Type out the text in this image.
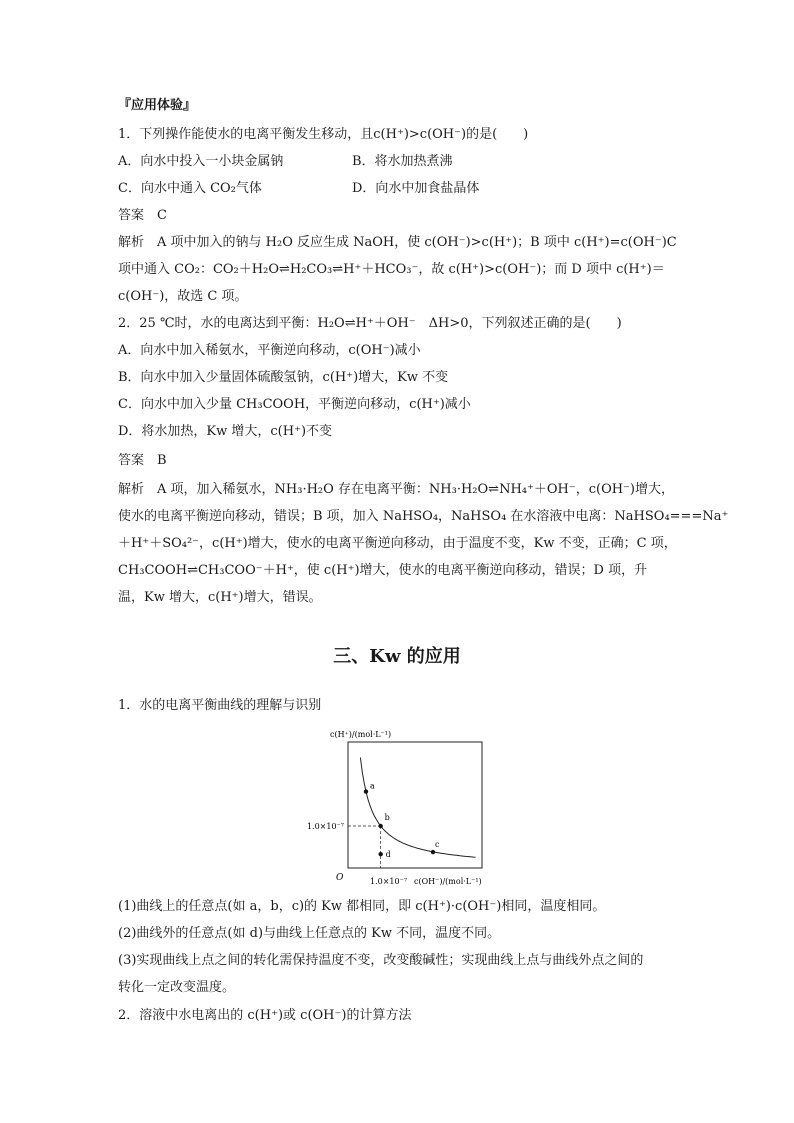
『应用体验』
1．下列操作能使水的电离平衡发生移动，且c(H⁺)>c(OH⁻)的是(　　)
A．向水中投入一小块金属钠	B．将水加热煮沸
C．向水中通入 CO₂气体	D．向水中加食盐晶体
答案　C
解析　A 项中加入的钠与 H₂O 反应生成 NaOH，使 c(OH⁻)>c(H⁺)；B 项中 c(H⁺)=c(OH⁻)C
项中通入 CO₂：CO₂＋H₂O⇌H₂CO₃⇌H⁺＋HCO₃⁻，故 c(H⁺)>c(OH⁻)；而 D 项中 c(H⁺)＝
c(OH⁻)，故选 C 项。
2．25 ℃时，水的电离达到平衡：H₂O⇌H⁺＋OH⁻　ΔH>0，下列叙述正确的是(　　)
A．向水中加入稀氨水，平衡逆向移动，c(OH⁻)减小
B．向水中加入少量固体硫酸氢钠，c(H⁺)增大，Kw 不变
C．向水中加入少量 CH₃COOH，平衡逆向移动，c(H⁺)减小
D．将水加热，Kw 增大，c(H⁺)不变
答案　B
解析　A 项，加入稀氨水，NH₃·H₂O 存在电离平衡：NH₃·H₂O⇌NH₄⁺＋OH⁻，c(OH⁻)增大，
使水的电离平衡逆向移动，错误；B 项，加入 NaHSO₄，NaHSO₄ 在水溶液中电离：NaHSO₄===Na⁺
＋H⁺＋SO₄²⁻，c(H⁺)增大，使水的电离平衡逆向移动，由于温度不变，Kw 不变，正确；C 项，
CH₃COOH⇌CH₃COO⁻＋H⁺，使 c(H⁺)增大，使水的电离平衡逆向移动，错误；D 项，升
温，Kw 增大，c(H⁺)增大，错误。
三、Kw 的应用
1．水的电离平衡曲线的理解与识别
c(H⁺)/(mol·L⁻¹)
a
b
c
d
1.0×10⁻⁷
1.0×10⁻⁷ c(OH⁻)/(mol·L⁻¹)
O
(1)曲线上的任意点(如 a，b，c)的 Kw 都相同，即 c(H⁺)·c(OH⁻)相同，温度相同。
(2)曲线外的任意点(如 d)与曲线上任意点的 Kw 不同，温度不同。
(3)实现曲线上点之间的转化需保持温度不变，改变酸碱性；实现曲线上点与曲线外点之间的
转化一定改变温度。
2．溶液中水电离出的 c(H⁺)或 c(OH⁻)的计算方法
